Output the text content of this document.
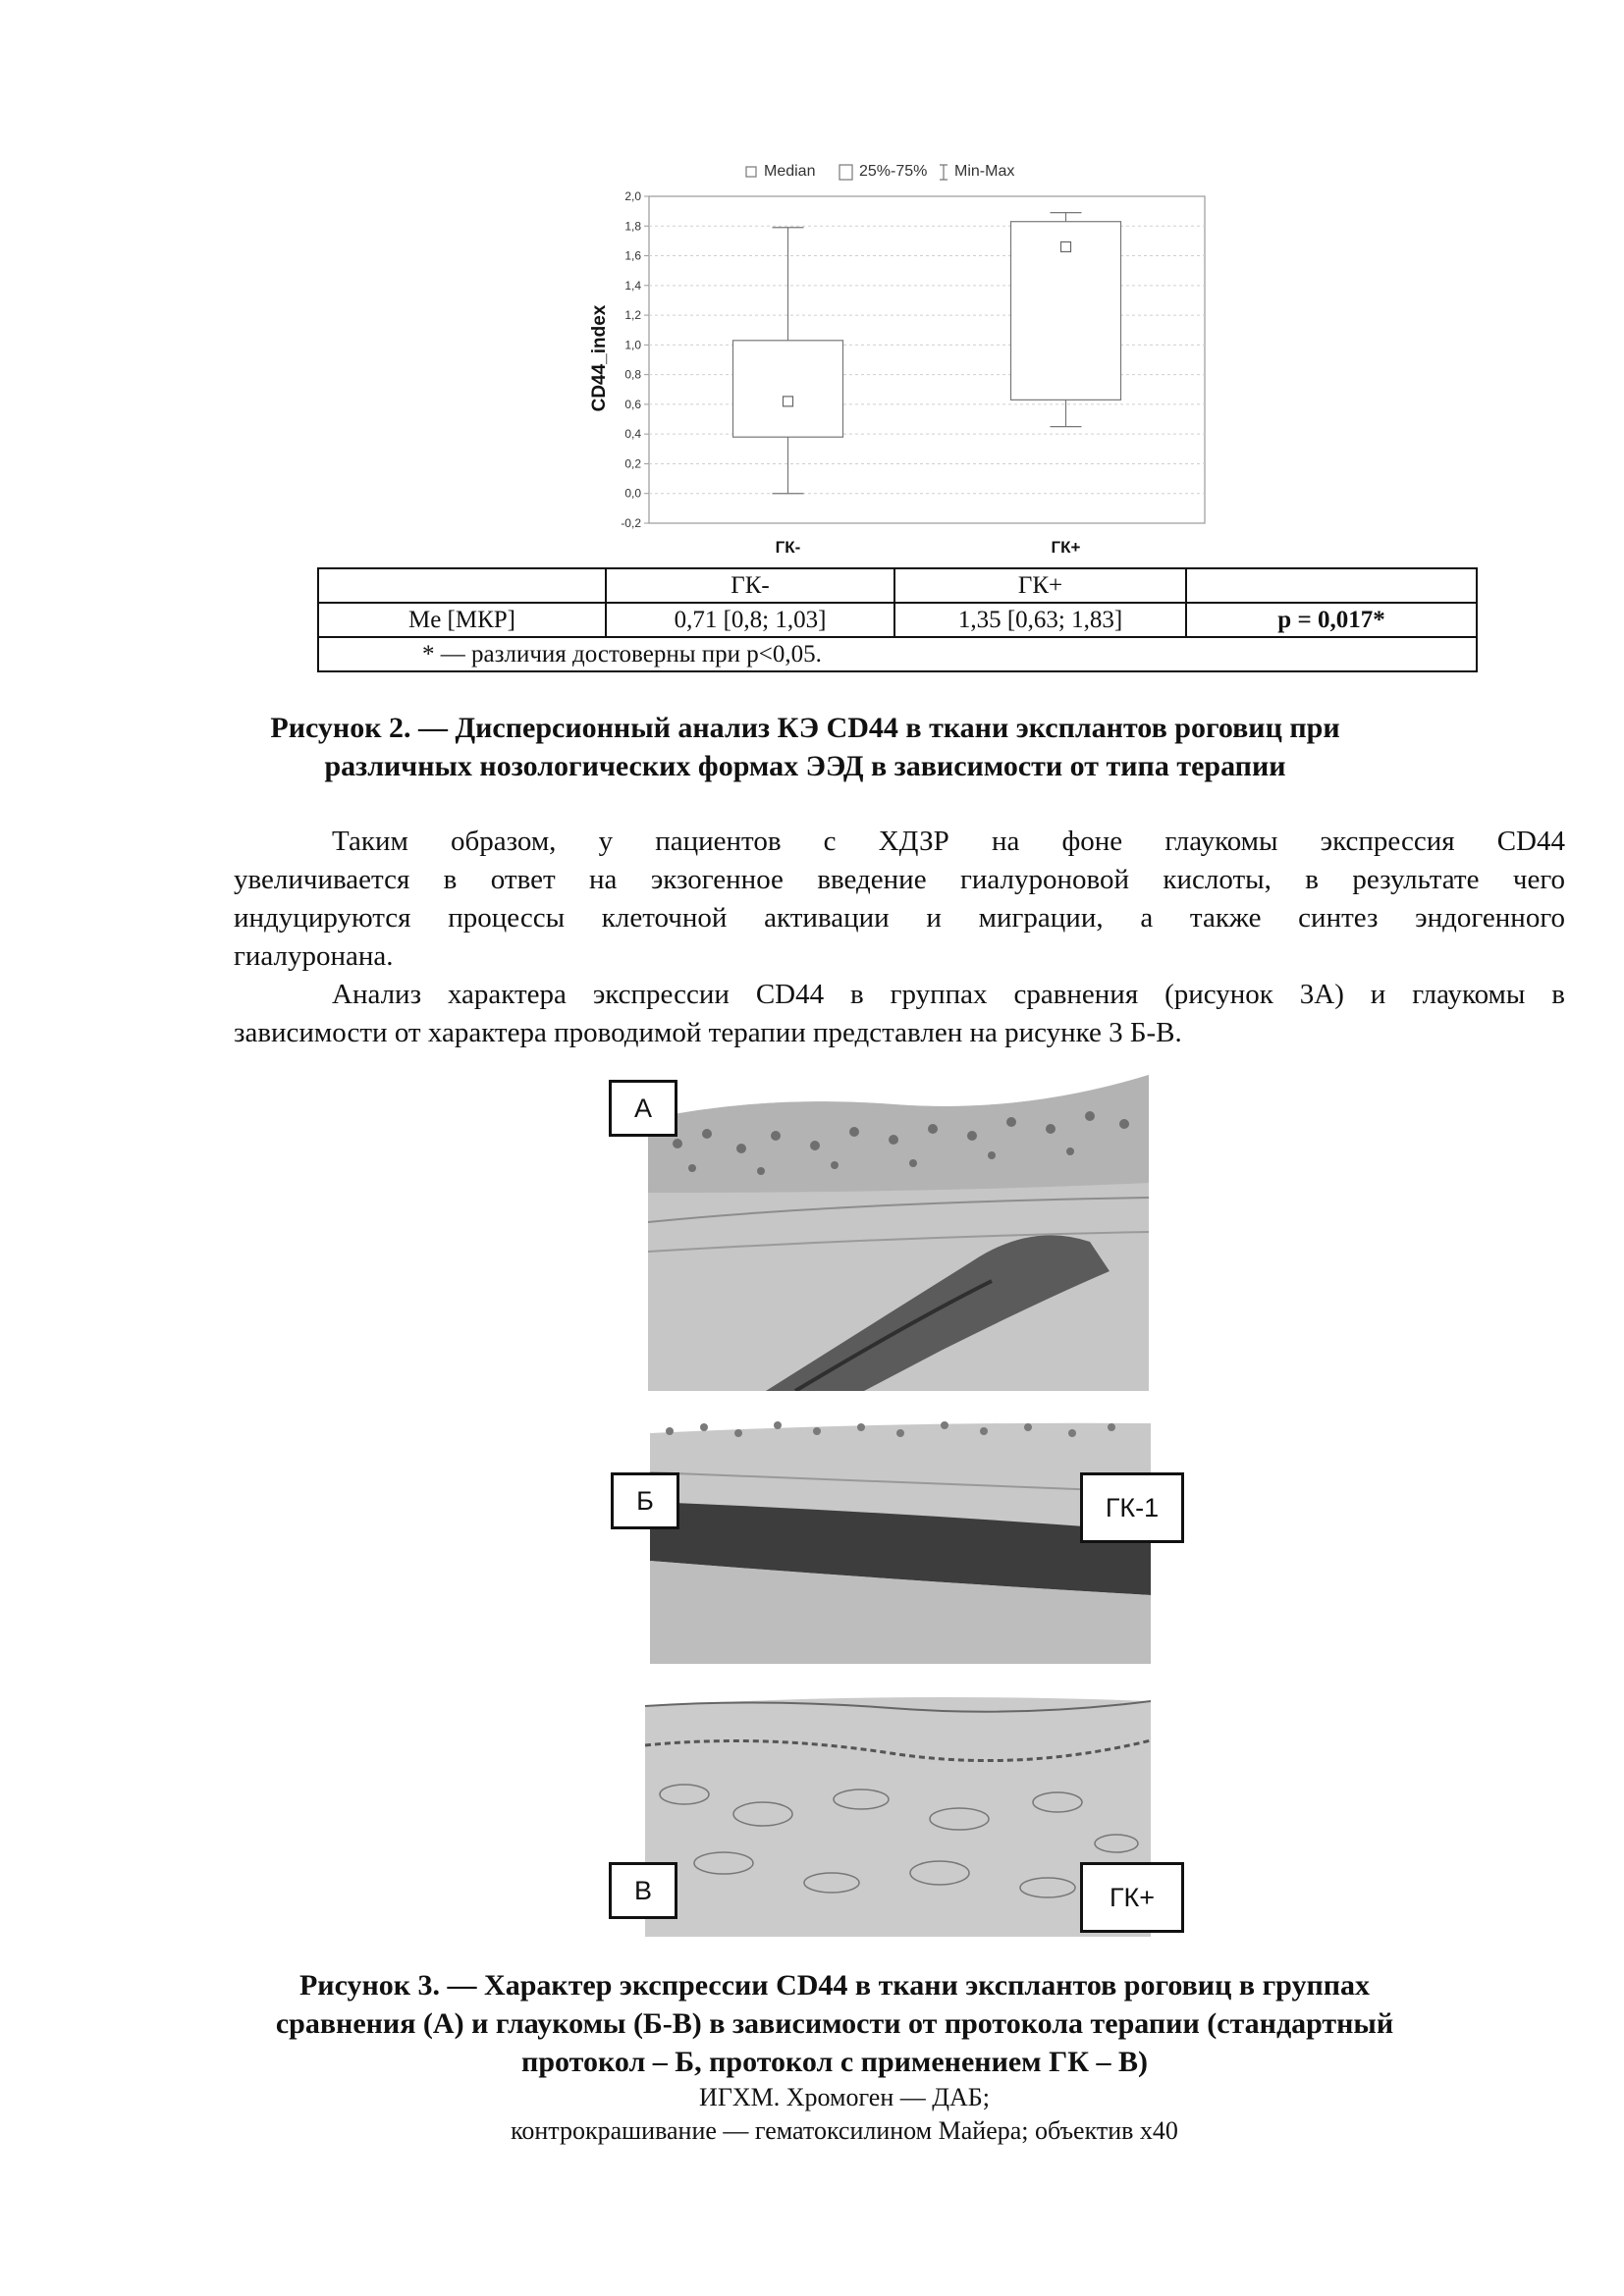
Median	25%-75% Min-Max
2,0
1,8
1,6
1,4
1,2
1,0
0,8
0,6
0,4
0,2
0,0
-0,2
ГК-	ГК+
CD44_index
	ГК-	ГК+	
Me [МКР]	0,71 [0,8; 1,03]	1,35 [0,63; 1,83]	p = 0,017*
* — различия достоверны при p<0,05.			
Рисунок 2. — Дисперсионный анализ КЭ CD44 в ткани эксплантов роговиц при
различных нозологических формах ЭЭД в зависимости от типа терапии
Таким образом, у пациентов с ХДЗР на фоне глаукомы экспрессия CD44
увеличивается в ответ на экзогенное введение гиалуроновой кислоты, в результате чего
индуцируются процессы клеточной активации и миграции, а также синтез эндогенного
гиалуронана.
Анализ характера экспрессии CD44 в группах сравнения (рисунок 3А) и глаукомы в
зависимости от характера проводимой терапии представлен на рисунке 3 Б-В.
А
Б	ГК-1
В	ГК+
Рисунок 3. — Характер экспрессии CD44 в ткани эксплантов роговиц в группах
сравнения (А) и глаукомы (Б-В) в зависимости от протокола терапии (стандартный
протокол – Б, протокол с применением ГК – В)
ИГХМ. Хромоген — ДАБ;
контрокрашивание — гематоксилином Майера; объектив х40
